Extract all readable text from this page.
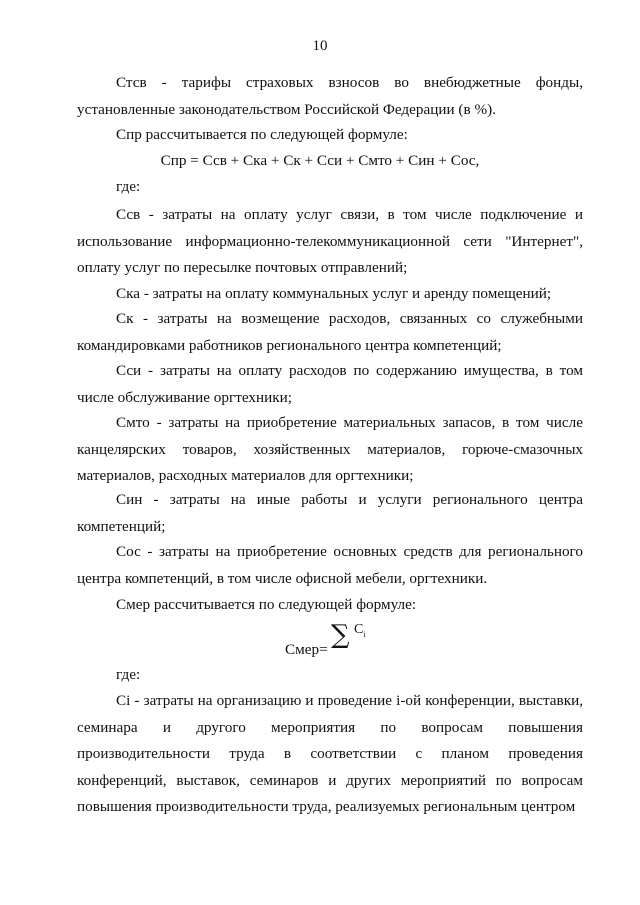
10

Стсв - тарифы страховых взносов во внебюджетные фонды, установленные законодательством Российской Федерации (в %).

Спр рассчитывается по следующей формуле:

Спр = Ссв + Ска + Ск + Сси + Смто + Син + Сос,

где:

Ссв - затраты на оплату услуг связи, в том числе подключение и использование информационно-телекоммуникационной сети "Интернет", оплату услуг по пересылке почтовых отправлений;

Ска - затраты на оплату коммунальных услуг и аренду помещений;

Ск - затраты на возмещение расходов, связанных со служебными командировками работников регионального центра компетенций;

Сси - затраты на оплату расходов по содержанию имущества, в том числе обслуживание оргтехники;

Смто - затраты на приобретение материальных запасов, в том числе канцелярских товаров, хозяйственных материалов, горюче-смазочных материалов, расходных материалов для оргтехники;

Син - затраты на иные работы и услуги регионального центра компетенций;

Сос - затраты на приобретение основных средств для регионального центра компетенций, в том числе офисной мебели, оргтехники.

Смер рассчитывается по следующей формуле:

Смер= ∑ $C_i$

где:

Ci - затраты на организацию и проведение i-ой конференции, выставки, семинара и другого мероприятия по вопросам повышения производительности труда в соответствии с планом проведения конференций, выставок, семинаров и других мероприятий по вопросам повышения производительности труда, реализуемых региональным центром
